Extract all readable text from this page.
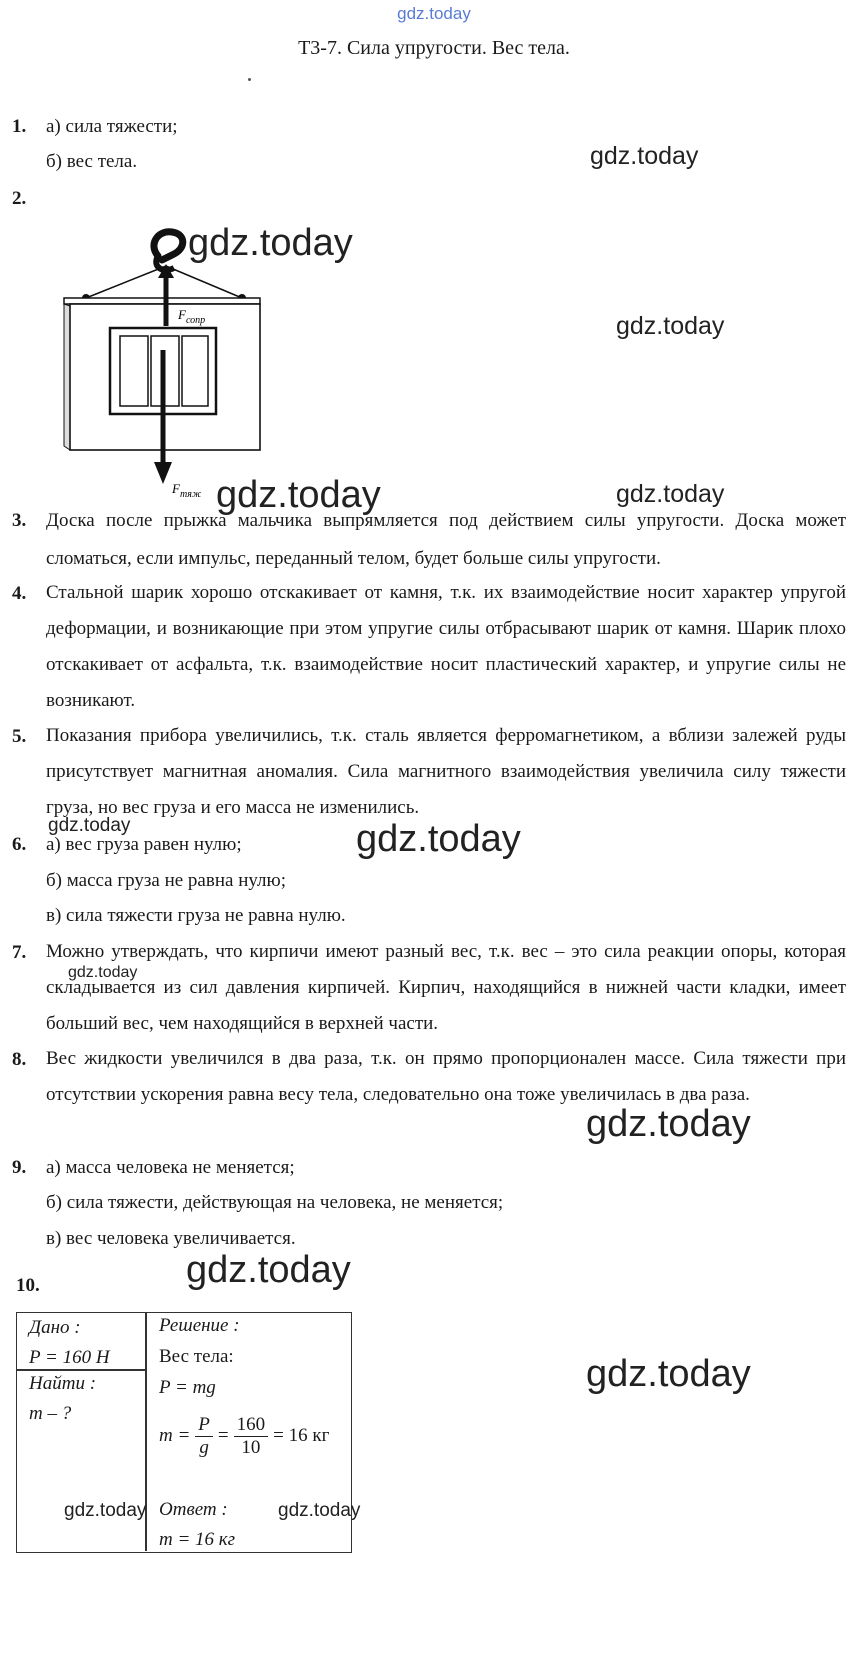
gdz.today
Т3-7. Сила упругости. Вес тела.
1.	а) сила тяжести;
б) вес тела.	gdz.today
2.
$F_{сопр}$
$F_{тяж}$
gdz.today
gdz.today
gdz.today	gdz.today
3.	Доска после прыжка мальчика выпрямляется под действием силы упругости. Доска может сломаться, если импульс, переданный телом, будет больше силы упругости.
4.	Стальной шарик хорошо отскакивает от камня, т.к. их взаимодействие носит характер упругой деформации, и возникающие при этом упругие силы отбрасывают шарик от камня. Шарик плохо отскакивает от асфальта, т.к. взаимодействие носит пластический характер, и упругие силы не возникают.
5.	Показания прибора увеличились, т.к. сталь является ферромагнетиком, а вблизи залежей руды присутствует магнитная аномалия. Сила магнитного взаимодействия увеличила силу тяжести груза, но вес груза и его масса не изменились.
gdz.today	gdz.today
6.	а) вес груза равен нулю;
б) масса груза не равна нулю;
в) сила тяжести груза не равна нулю.
7.	Можно утверждать, что кирпичи имеют разный вес, т.к. вес – это сила реакции опоры, которая складывается из сил давления кирпичей. Кирпич, находящийся в нижней части кладки, имеет больший вес, чем находящийся в верхней части.
gdz.today
8.	Вес жидкости увеличился в два раза, т.к. он прямо пропорционален массе. Сила тяжести при отсутствии ускорения равна весу тела, следовательно она тоже увеличилась в два раза.
gdz.today
9.	а) масса человека не меняется;
б) сила тяжести, действующая на человека, не меняется;
в) вес человека увеличивается.
gdz.today
10.
Дано :
P = 160 Н
Найти :
m – ?
Решение :
Вес тела:
P = mg
$m = \frac{P}{g} = \frac{160}{10} = 16$ кг
Ответ :
m = 16 кг
gdz.today
gdz.today	gdz.today
